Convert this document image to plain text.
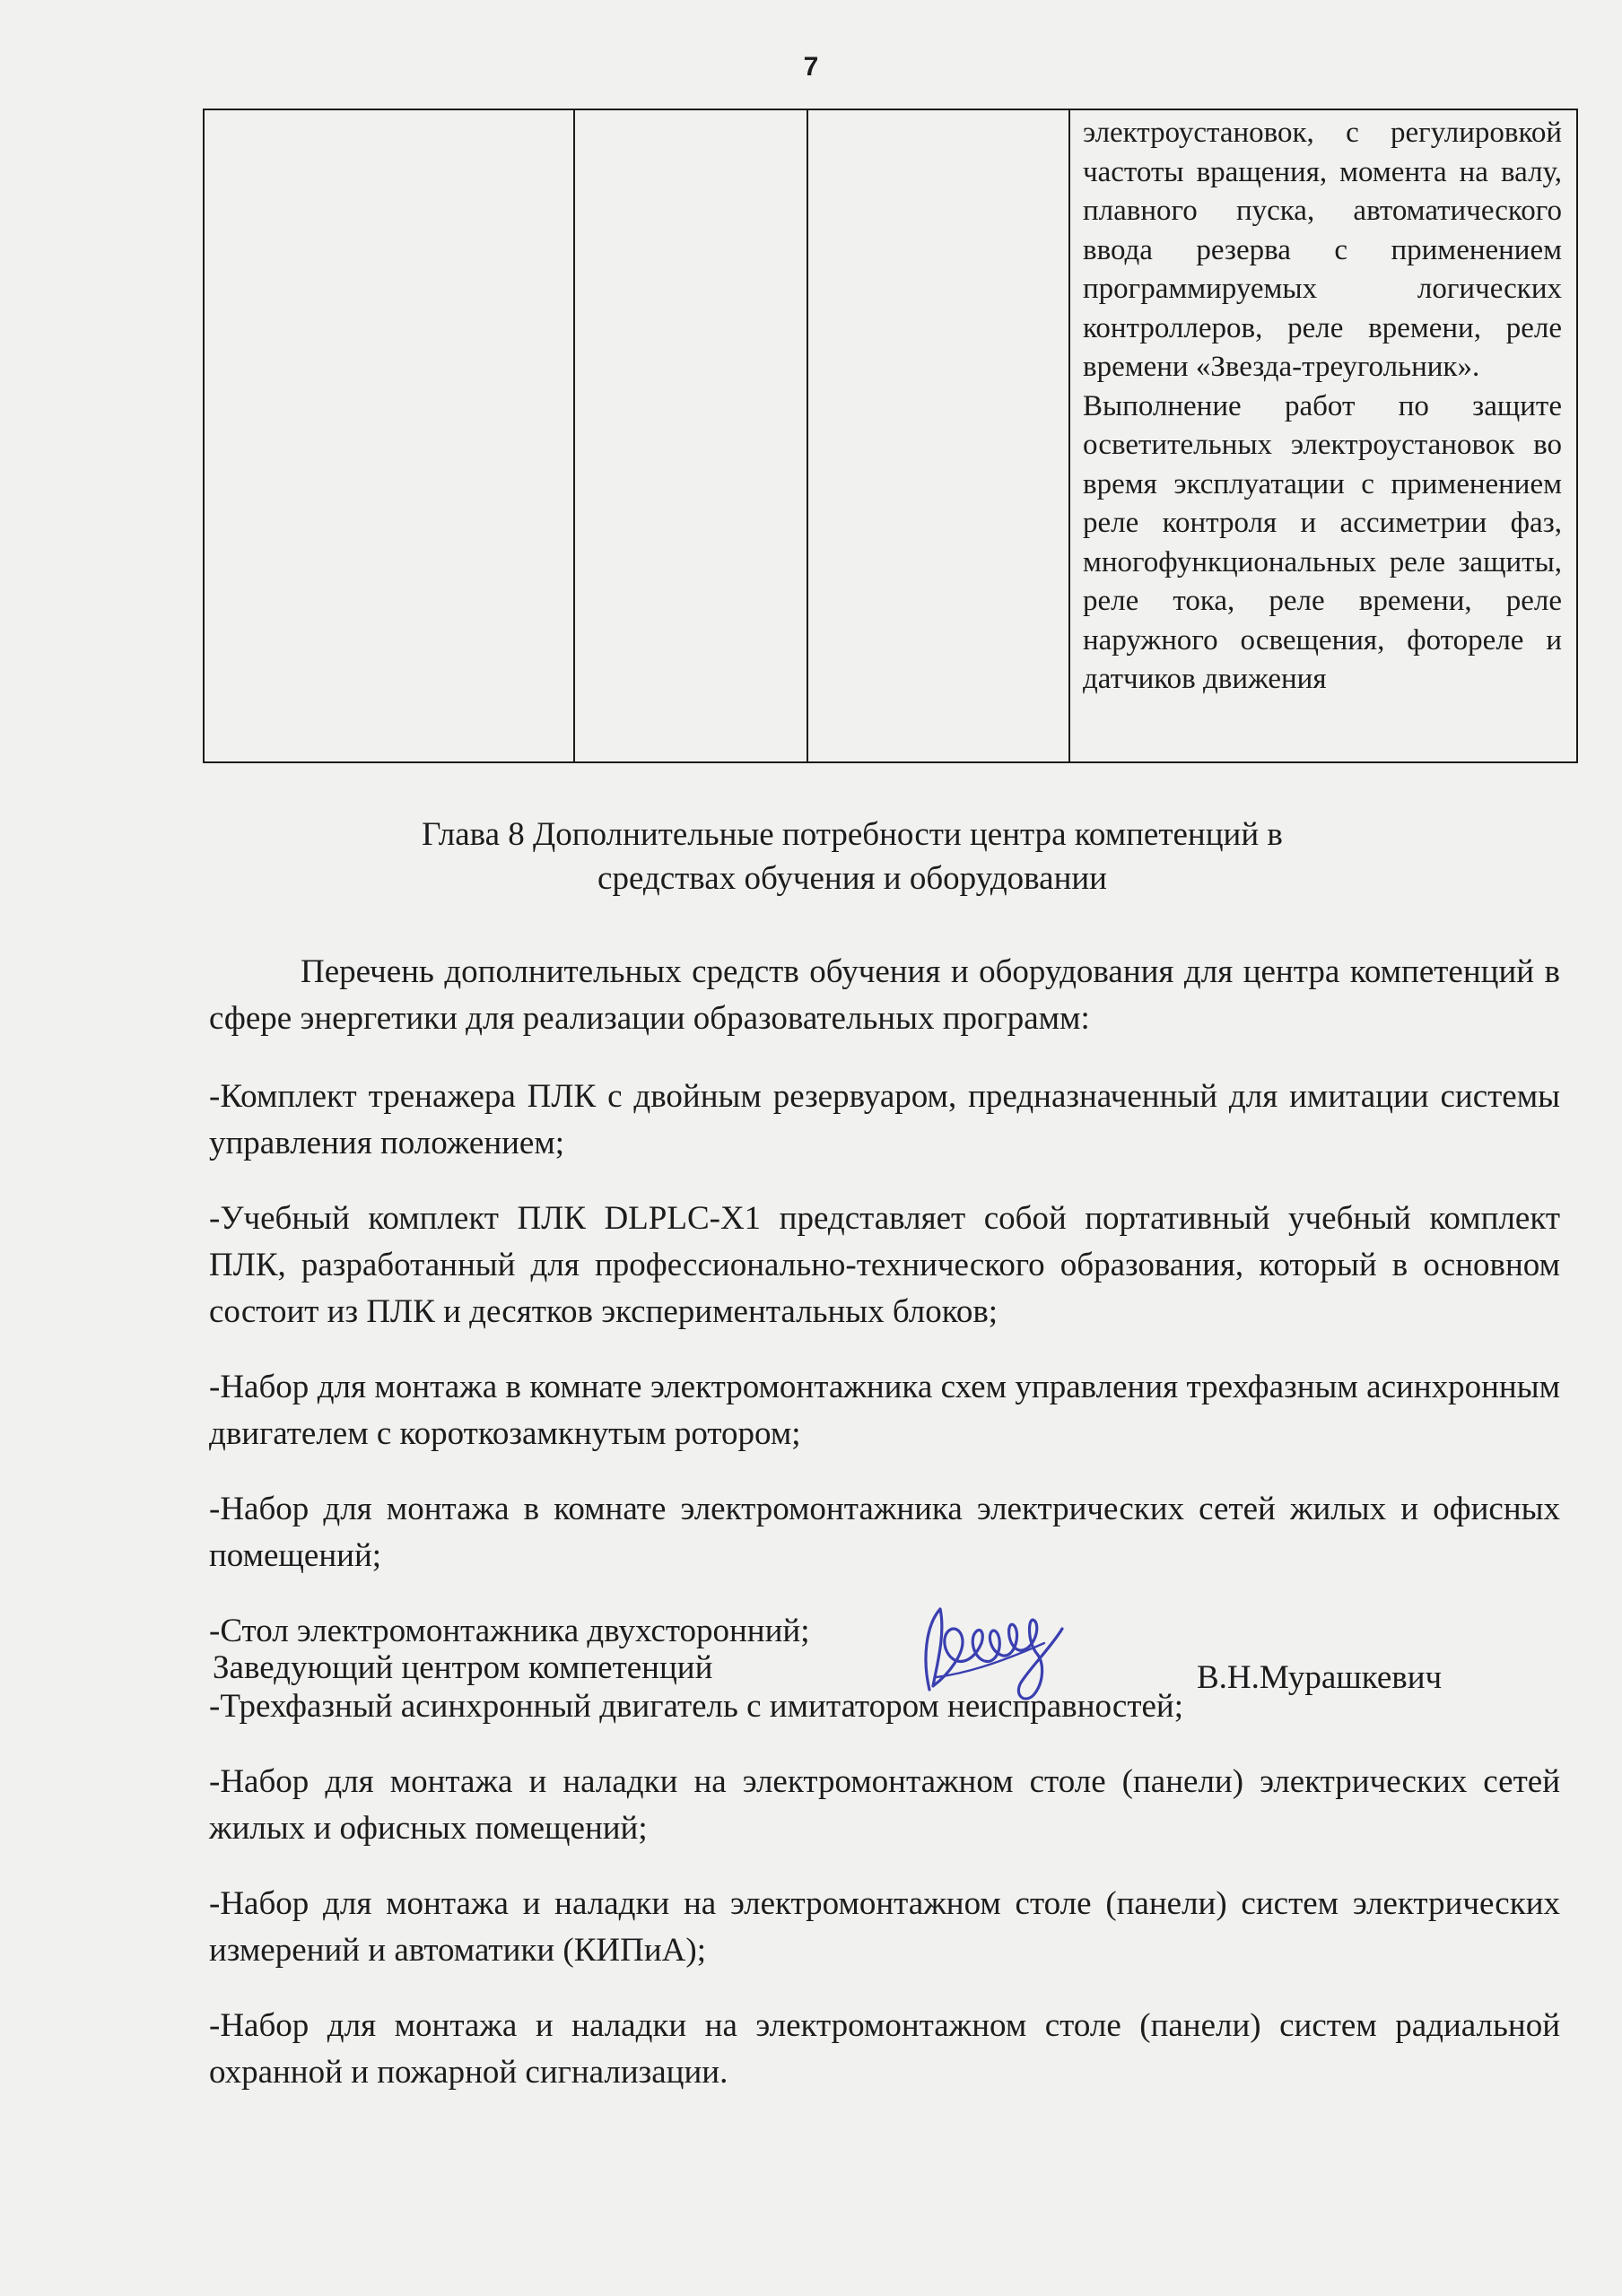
7

электроустановок, с регулировкой частоты вращения, момента на валу, плавного пуска, автоматического ввода резерва с применением программируемых логических контроллеров, реле времени, реле времени «Звезда-треугольник».

Выполнение работ по защите осветительных электроустановок во время эксплуатации с применением реле контроля и ассиметрии фаз, многофункциональных реле защиты, реле тока, реле времени, реле наружного освещения, фотореле и датчиков движения

Глава 8 Дополнительные потребности центра компетенций в
средствах обучения и оборудовании

Перечень дополнительных средств обучения и оборудования для центра компетенций в сфере энергетики для реализации образовательных программ:

-Комплект тренажера ПЛК с двойным резервуаром, предназначенный для имитации системы управления положением;

-Учебный комплект ПЛК DLPLC-X1 представляет собой портативный учебный комплект ПЛК, разработанный для профессионально-технического образования, который в основном состоит из ПЛК и десятков экспериментальных блоков;

-Набор для монтажа в комнате электромонтажника схем управления трехфазным асинхронным двигателем с короткозамкнутым ротором;

-Набор для монтажа в комнате электромонтажника электрических сетей жилых и офисных помещений;

-Стол электромонтажника двухсторонний;

-Трехфазный асинхронный двигатель с имитатором неисправностей;

-Набор для монтажа и наладки на электромонтажном столе (панели) электрических сетей жилых и офисных помещений;

-Набор для монтажа и наладки на электромонтажном столе (панели) систем электрических измерений и автоматики (КИПиА);

-Набор для монтажа и наладки на электромонтажном столе (панели) систем радиальной охранной и пожарной сигнализации.

Заведующий центром компетенций	В.Н.Мурашкевич
